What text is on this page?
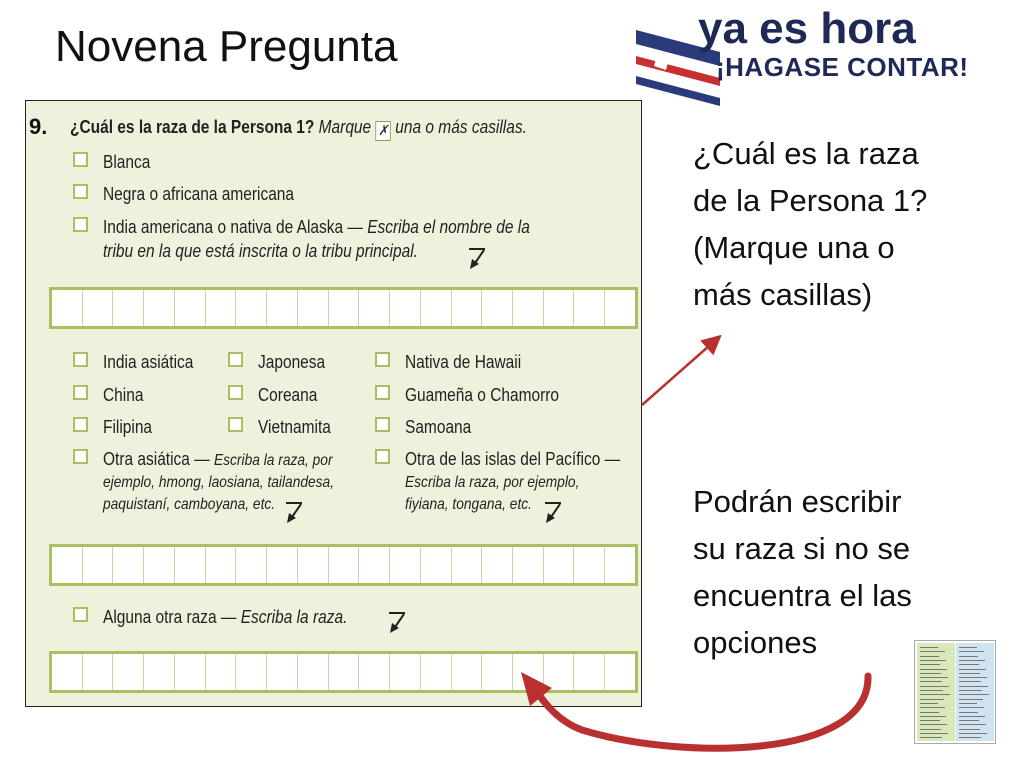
Novena Pregunta	ya es hora
¡HAGASE CONTAR!
9. ¿Cuál es la raza de la Persona 1? Marque ✗ una o más casillas.
Blanca
Negra o africana americana
India americana o nativa de Alaska — Escriba el nombre de la
tribu en la que está inscrita o la tribu principal.
India asiática
China
Filipina
Japonesa
Coreana
Vietnamita
Nativa de Hawaii
Guameña o Chamorro
Samoana
Otra asiática — Escriba la raza, por
ejemplo, hmong, laosiana, tailandesa,
paquistaní, camboyana, etc.
Otra de las islas del Pacífico —
Escriba la raza, por ejemplo,
fiyiana, tongana, etc.
Alguna otra raza — Escriba la raza.
¿Cuál es la raza
de la Persona 1?
(Marque una o
más casillas)
Podrán escribir
su raza si no se
encuentra el las
opciones
